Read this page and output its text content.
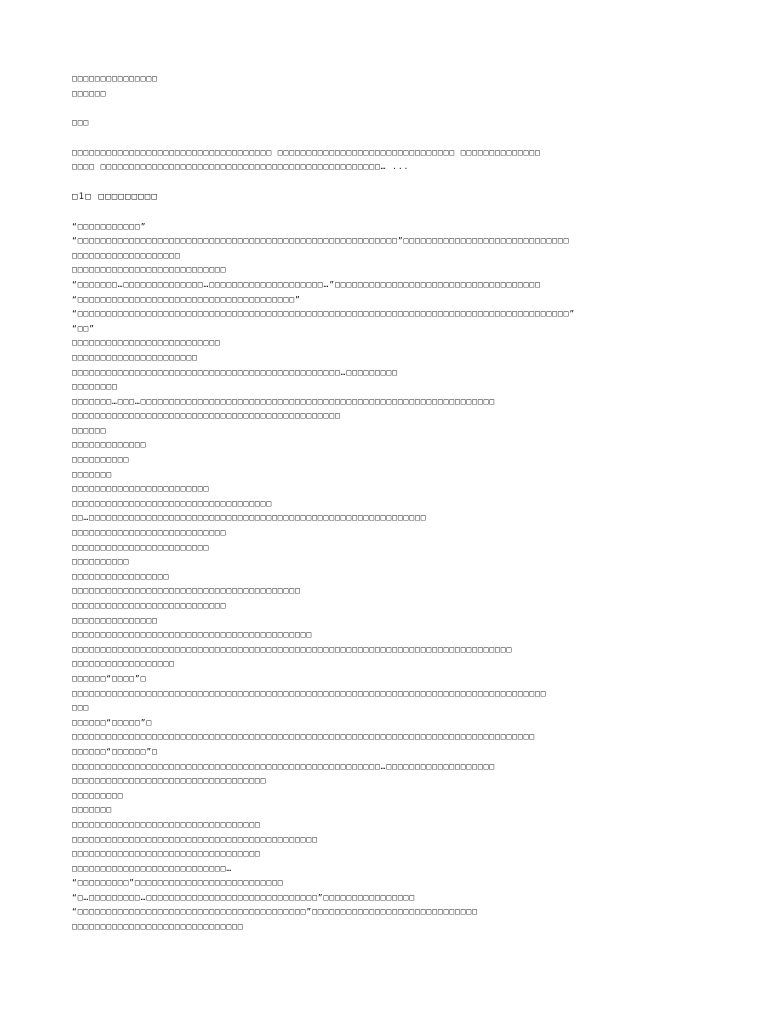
□□□□□□□□□□□□□□□
□□□□□□
□□□
□□□□□□□□□□□□□□□□□□□□□□□□□□□□□□□□□□□ □□□□□□□□□□□□□□□□□□□□□□□□□□□□□□□ □□□□□□□□□□□□□□
□□□□ □□□□□□□□□□□□□□□□□□□□□□□□□□□□□□□□□□□□□□□□□□□□□□□□□… ...
□1□ □□□□□□□□□
“□□□□□□□□□□□”
“□□□□□□□□□□□□□□□□□□□□□□□□□□□□□□□□□□□□□□□□□□□□□□□□□□□□□□□□”□□□□□□□□□□□□□□□□□□□□□□□□□□□□□
□□□□□□□□□□□□□□□□□□□
□□□□□□□□□□□□□□□□□□□□□□□□□□□
“□□□□□□□…□□□□□□□□□□□□□□…□□□□□□□□□□□□□□□□□□□□…”□□□□□□□□□□□□□□□□□□□□□□□□□□□□□□□□□□□□
“□□□□□□□□□□□□□□□□□□□□□□□□□□□□□□□□□□□□□□”
“□□□□□□□□□□□□□□□□□□□□□□□□□□□□□□□□□□□□□□□□□□□□□□□□□□□□□□□□□□□□□□□□□□□□□□□□□□□□□□□□□□□□□□”
“□□”
□□□□□□□□□□□□□□□□□□□□□□□□□□
□□□□□□□□□□□□□□□□□□□□□□
□□□□□□□□□□□□□□□□□□□□□□□□□□□□□□□□□□□□□□□□□□□□□□□…□□□□□□□□□
□□□□□□□□
□□□□□□□…□□□…□□□□□□□□□□□□□□□□□□□□□□□□□□□□□□□□□□□□□□□□□□□□□□□□□□□□□□□□□□□□□□
□□□□□□□□□□□□□□□□□□□□□□□□□□□□□□□□□□□□□□□□□□□□□□□
□□□□□□
□□□□□□□□□□□□□
□□□□□□□□□□
□□□□□□□
□□□□□□□□□□□□□□□□□□□□□□□□
□□□□□□□□□□□□□□□□□□□□□□□□□□□□□□□□□□□
□□…□□□□□□□□□□□□□□□□□□□□□□□□□□□□□□□□□□□□□□□□□□□□□□□□□□□□□□□□□□□
□□□□□□□□□□□□□□□□□□□□□□□□□□□
□□□□□□□□□□□□□□□□□□□□□□□□
□□□□□□□□□□
□□□□□□□□□□□□□□□□□
□□□□□□□□□□□□□□□□□□□□□□□□□□□□□□□□□□□□□□□□
□□□□□□□□□□□□□□□□□□□□□□□□□□□
□□□□□□□□□□□□□□□
□□□□□□□□□□□□□□□□□□□□□□□□□□□□□□□□□□□□□□□□□□
□□□□□□□□□□□□□□□□□□□□□□□□□□□□□□□□□□□□□□□□□□□□□□□□□□□□□□□□□□□□□□□□□□□□□□□□□□□□□
□□□□□□□□□□□□□□□□□□
□□□□□□“□□□□”□
□□□□□□□□□□□□□□□□□□□□□□□□□□□□□□□□□□□□□□□□□□□□□□□□□□□□□□□□□□□□□□□□□□□□□□□□□□□□□□□□□□□
□□□
□□□□□□“□□□□□”□
□□□□□□□□□□□□□□□□□□□□□□□□□□□□□□□□□□□□□□□□□□□□□□□□□□□□□□□□□□□□□□□□□□□□□□□□□□□□□□□□□
□□□□□□“□□□□□□”□
□□□□□□□□□□□□□□□□□□□□□□□□□□□□□□□□□□□□□□□□□□□□□□□□□□□□□□…□□□□□□□□□□□□□□□□□□□
□□□□□□□□□□□□□□□□□□□□□□□□□□□□□□□□□□
□□□□□□□□□
□□□□□□□
□□□□□□□□□□□□□□□□□□□□□□□□□□□□□□□□□
□□□□□□□□□□□□□□□□□□□□□□□□□□□□□□□□□□□□□□□□□□□
□□□□□□□□□□□□□□□□□□□□□□□□□□□□□□□□□
□□□□□□□□□□□□□□□□□□□□□□□□□□□…
“□□□□□□□□□”□□□□□□□□□□□□□□□□□□□□□□□□□□
“□…□□□□□□□□□…□□□□□□□□□□□□□□□□□□□□□□□□□□□□□□”□□□□□□□□□□□□□□□□
“□□□□□□□□□□□□□□□□□□□□□□□□□□□□□□□□□□□□□□□□”□□□□□□□□□□□□□□□□□□□□□□□□□□□□□
□□□□□□□□□□□□□□□□□□□□□□□□□□□□□□
